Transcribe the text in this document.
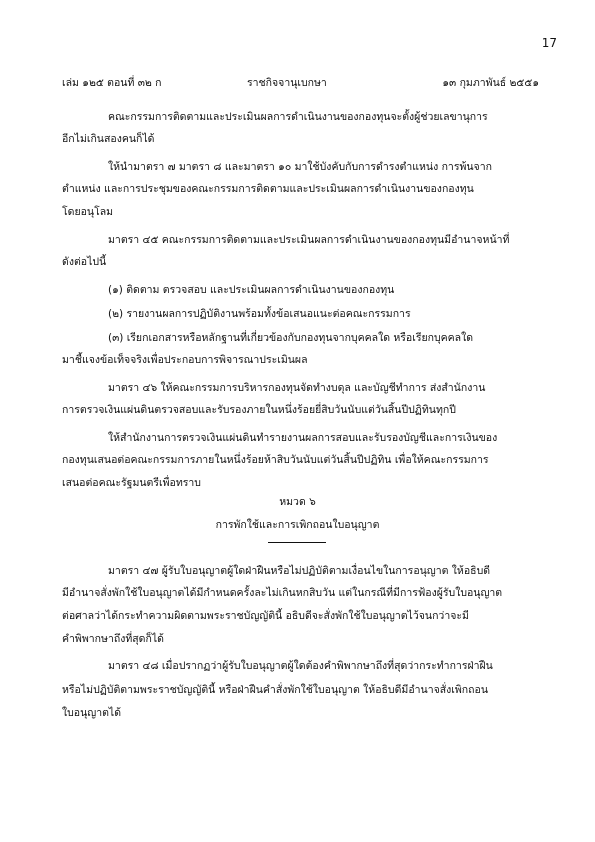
17
เล่ม ๑๒๕ ตอนที่ ๓๒ ก	ราชกิจจานุเบกษา	๑๓ กุมภาพันธ์ ๒๕๕๑
คณะกรรมการติดตามและประเมินผลการดำเนินงานของกองทุนจะตั้งผู้ช่วยเลขานุการ
อีกไม่เกินสองคนก็ได้
ให้นำมาตรา ๗ มาตรา ๘ และมาตรา ๑๐ มาใช้บังคับกับการดำรงตำแหน่ง การพ้นจาก
ตำแหน่ง และการประชุมของคณะกรรมการติดตามและประเมินผลการดำเนินงานของกองทุน
โดยอนุโลม
มาตรา ๔๕ คณะกรรมการติดตามและประเมินผลการดำเนินงานของกองทุนมีอำนาจหน้าที่
ดังต่อไปนี้
(๑) ติดตาม ตรวจสอบ และประเมินผลการดำเนินงานของกองทุน
(๒) รายงานผลการปฏิบัติงานพร้อมทั้งข้อเสนอแนะต่อคณะกรรมการ
(๓) เรียกเอกสารหรือหลักฐานที่เกี่ยวข้องกับกองทุนจากบุคคลใด หรือเรียกบุคคลใด
มาชี้แจงข้อเท็จจริงเพื่อประกอบการพิจารณาประเมินผล
มาตรา ๔๖ ให้คณะกรรมการบริหารกองทุนจัดทำงบดุล และบัญชีทำการ ส่งสำนักงาน
การตรวจเงินแผ่นดินตรวจสอบและรับรองภายในหนึ่งร้อยยี่สิบวันนับแต่วันสิ้นปีปฏิทินทุกปี
ให้สำนักงานการตรวจเงินแผ่นดินทำรายงานผลการสอบและรับรองบัญชีและการเงินของ
กองทุนเสนอต่อคณะกรรมการภายในหนึ่งร้อยห้าสิบวันนับแต่วันสิ้นปีปฏิทิน เพื่อให้คณะกรรมการ
เสนอต่อคณะรัฐมนตรีเพื่อทราบ
หมวด ๖
การพักใช้และการเพิกถอนใบอนุญาต
มาตรา ๔๗ ผู้รับใบอนุญาตผู้ใดฝ่าฝืนหรือไม่ปฏิบัติตามเงื่อนไขในการอนุญาต ให้อธิบดี
มีอำนาจสั่งพักใช้ใบอนุญาตได้มีกำหนดครั้งละไม่เกินหกสิบวัน แต่ในกรณีที่มีการฟ้องผู้รับใบอนุญาต
ต่อศาลว่าได้กระทำความผิดตามพระราชบัญญัตินี้ อธิบดีจะสั่งพักใช้ใบอนุญาตไว้จนกว่าจะมี
คำพิพากษาถึงที่สุดก็ได้
มาตรา ๔๘ เมื่อปรากฏว่าผู้รับใบอนุญาตผู้ใดต้องคำพิพากษาถึงที่สุดว่ากระทำการฝ่าฝืน
หรือไม่ปฏิบัติตามพระราชบัญญัตินี้ หรือฝ่าฝืนคำสั่งพักใช้ใบอนุญาต ให้อธิบดีมีอำนาจสั่งเพิกถอน
ใบอนุญาตได้
